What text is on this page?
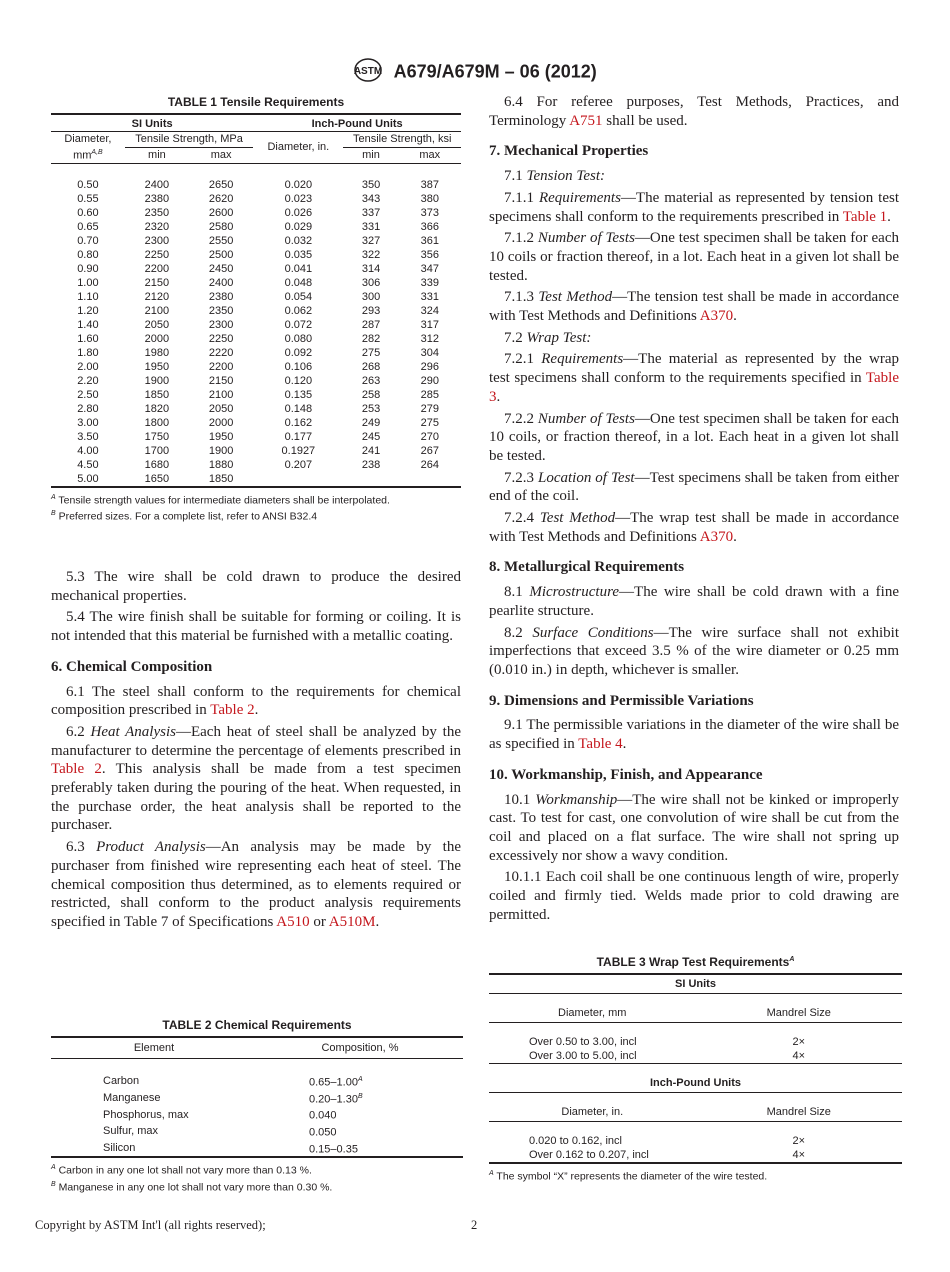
ASTM A679/A679M – 06 (2012)
TABLE 1 Tensile Requirements
SI Units			Inch-Pound Units		
Diameter,
$mm^{A,B}$	Tensile Strength, MPa		Diameter, in.	Tensile Strength, ksi	
	min	max		min	max
0.50	2400	2650	0.020	350	387
0.55	2380	2620	0.023	343	380
0.60	2350	2600	0.026	337	373
0.65	2320	2580	0.029	331	366
0.70	2300	2550	0.032	327	361
0.80	2250	2500	0.035	322	356
0.90	2200	2450	0.041	314	347
1.00	2150	2400	0.048	306	339
1.10	2120	2380	0.054	300	331
1.20	2100	2350	0.062	293	324
1.40	2050	2300	0.072	287	317
1.60	2000	2250	0.080	282	312
1.80	1980	2220	0.092	275	304
2.00	1950	2200	0.106	268	296
2.20	1900	2150	0.120	263	290
2.50	1850	2100	0.135	258	285
2.80	1820	2050	0.148	253	279
3.00	1800	2000	0.162	249	275
3.50	1750	1950	0.177	245	270
4.00	1700	1900	0.1927	241	267
4.50	1680	1880	0.207	238	264
5.00	1650	1850			
$^A$ Tensile strength values for intermediate diameters shall be interpolated.
$^B$ Preferred sizes. For a complete list, refer to ANSI B32.4

5.3 The wire shall be cold drawn to produce the desired mechanical properties.

5.4 The wire finish shall be suitable for forming or coiling. It is not intended that this material be furnished with a metallic coating.

6. Chemical Composition

6.1 The steel shall conform to the requirements for chemical composition prescribed in Table 2.

6.2 Heat Analysis—Each heat of steel shall be analyzed by the manufacturer to determine the percentage of elements prescribed in Table 2. This analysis shall be made from a test specimen preferably taken during the pouring of the heat. When requested, in the purchase order, the heat analysis shall be reported to the purchaser.

6.3 Product Analysis—An analysis may be made by the purchaser from finished wire representing each heat of steel. The chemical composition thus determined, as to elements required or restricted, shall conform to the product analysis requirements specified in Table 7 of Specifications A510 or A510M.

TABLE 2 Chemical Requirements
Element	Composition, %
Carbon	$0.65-1.00^A$
Manganese	$0.20-1.30^B$
Phosphorus, max	0.040
Sulfur, max	0.050
Silicon	0.15–0.35
$^A$ Carbon in any one lot shall not vary more than 0.13 %.
$^B$ Manganese in any one lot shall not vary more than 0.30 %.

6.4 For referee purposes, Test Methods, Practices, and Terminology A751 shall be used.

7. Mechanical Properties

7.1 Tension Test:

7.1.1 Requirements—The material as represented by tension test specimens shall conform to the requirements prescribed in Table 1.

7.1.2 Number of Tests—One test specimen shall be taken for each 10 coils or fraction thereof, in a lot. Each heat in a given lot shall be tested.

7.1.3 Test Method—The tension test shall be made in accordance with Test Methods and Definitions A370.

7.2 Wrap Test:

7.2.1 Requirements—The material as represented by the wrap test specimens shall conform to the requirements specified in Table 3.

7.2.2 Number of Tests—One test specimen shall be taken for each 10 coils, or fraction thereof, in a lot. Each heat in a given lot shall be tested.

7.2.3 Location of Test—Test specimens shall be taken from either end of the coil.

7.2.4 Test Method—The wrap test shall be made in accordance with Test Methods and Definitions A370.

8. Metallurgical Requirements

8.1 Microstructure—The wire shall be cold drawn with a fine pearlite structure.

8.2 Surface Conditions—The wire surface shall not exhibit imperfections that exceed 3.5 % of the wire diameter or 0.25 mm (0.010 in.) in depth, whichever is smaller.

9. Dimensions and Permissible Variations

9.1 The permissible variations in the diameter of the wire shall be as specified in Table 4.

10. Workmanship, Finish, and Appearance

10.1 Workmanship—The wire shall not be kinked or improperly cast. To test for cast, one convolution of wire shall be cut from the coil and placed on a flat surface. The wire shall not spring up excessively nor show a wavy condition.

10.1.1 Each coil shall be one continuous length of wire, properly coiled and firmly tied. Welds made prior to cold drawing are permitted.

TABLE 3 Wrap Test Requirements$^A$
SI Units	
Diameter, mm	Mandrel Size
Over 0.50 to 3.00, incl	2×
Over 3.00 to 5.00, incl	4×
Inch-Pound Units	
Diameter, in.	Mandrel Size
0.020 to 0.162, incl	2×
Over 0.162 to 0.207, incl	4×
$^A$ The symbol “X” represents the diameter of the wire tested.
Copyright by ASTM Int'l (all rights reserved);	2
